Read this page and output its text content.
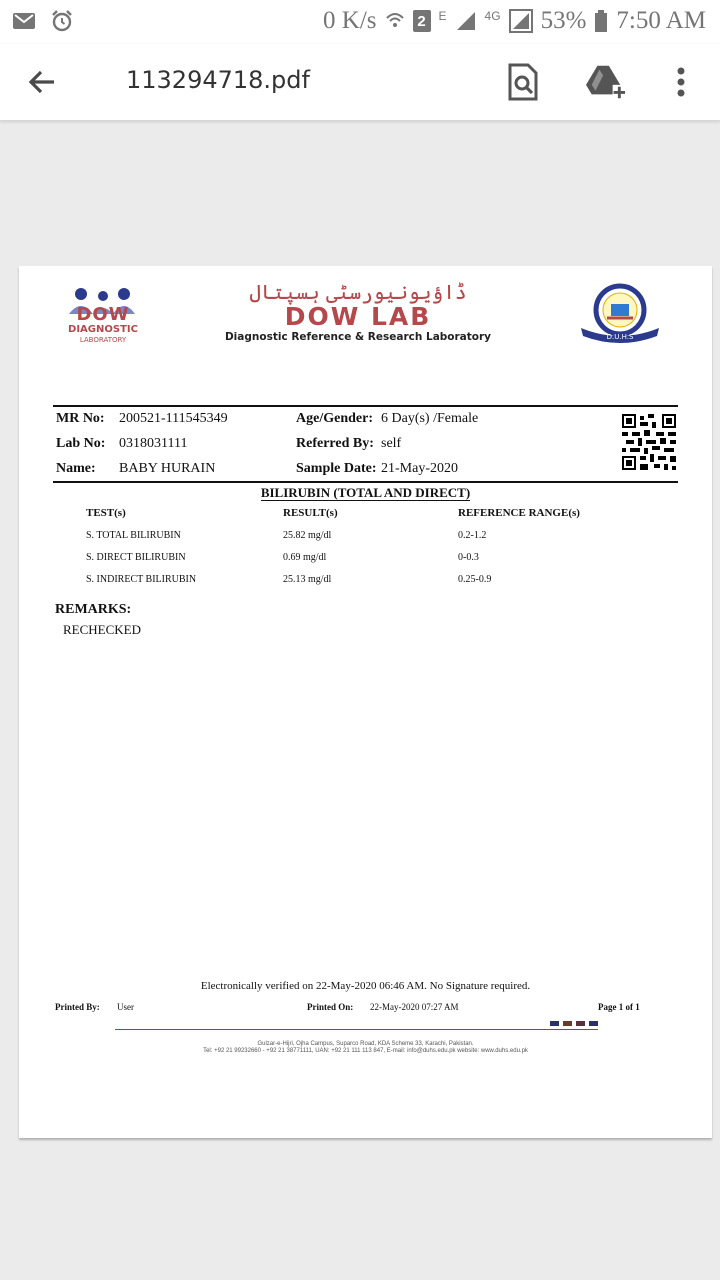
0 K/s	2 E	4G 53% 7:50 AM
113294718.pdf
DOW
DIAGNOSTIC
LABORATORY
ڈاؤیونیورسٹی ہسپتال
DOW LAB
Diagnostic Reference & Research Laboratory	D.U.H.S
MR No: 200521-111545349
Lab No: 0318031111
Name: BABY HURAIN
Age/Gender: 6 Day(s) /Female
Referred By: self
Sample Date: 21-May-2020
BILIRUBIN (TOTAL AND DIRECT)
TEST(s)	RESULT(s)	REFERENCE RANGE(s)
S. TOTAL BILIRUBIN	25.82 mg/dl	0.2-1.2
S. DIRECT BILIRUBIN	0.69 mg/dl	0-0.3
S. INDIRECT BILIRUBIN	25.13 mg/dl	0.25-0.9
REMARKS:
RECHECKED
Electronically verified on 22-May-2020 06:46 AM. No Signature required.
Printed By: User	Printed On: 22-May-2020 07:27 AM	Page 1 of 1
Gulzar-e-Hijri, Ojha Campus, Suparco Road, KDA Scheme 33, Karachi, Pakistan.
Tel: +92 21 99232660 - +92 21 38771111, UAN: +92 21 111 113 847, E-mail: info@duhs.edu.pk website: www.duhs.edu.pk
